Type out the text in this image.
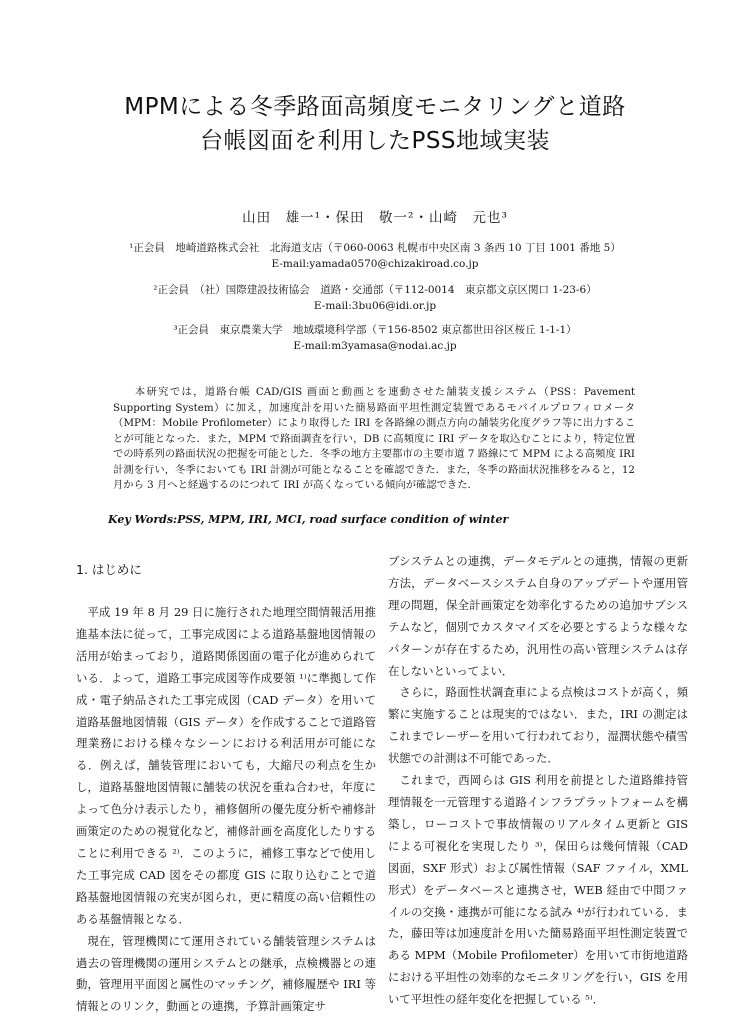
MPMによる冬季路面高頻度モニタリングと道路
台帳図面を利用したPSS地域実装
山田　雄一¹・保田　敬一²・山崎　元也³
¹正会員　地崎道路株式会社　北海道支店（〒060-0063 札幌市中央区南 3 条西 10 丁目 1001 番地 5）
E-mail:yamada0570@chizakiroad.co.jp
²正会員　（社）国際建設技術協会　道路・交通部（〒112-0014　東京都文京区関口 1-23-6）
E-mail:3bu06@idi.or.jp
³正会員　東京農業大学　地域環境科学部（〒156-8502 東京都世田谷区桜丘 1-1-1）
E-mail:m3yamasa@nodai.ac.jp
本研究では，道路台帳 CAD/GIS 画面と動画とを連動させた舗装支援システム（PSS：Pavement Supporting System）に加え，加速度計を用いた簡易路面平坦性測定装置であるモバイルプロフィロメータ（MPM：Mobile Profilometer）により取得した IRI を各路線の測点方向の舗装劣化度グラフ等に出力することが可能となった．また，MPM で路面調査を行い，DB に高頻度に IRI データを取込むことにより，特定位置での時系列の路面状況の把握を可能とした．冬季の地方主要都市の主要市道 7 路線にて MPM による高頻度 IRI 計測を行い，冬季においても IRI 計測が可能となることを確認できた．また，冬季の路面状況推移をみると，12 月から 3 月へと経過するのにつれて IRI が高くなっている傾向が確認できた．
Key Words:PSS, MPM, IRI, MCI, road surface condition of winter
1. はじめに

平成 19 年 8 月 29 日に施行された地理空間情報活用推進基本法に従って，工事完成図による道路基盤地図情報の活用が始まっており，道路関係図面の電子化が進められている．よって，道路工事完成図等作成要領 ¹⁾に準拠して作成・電子納品された工事完成図（CAD データ）を用いて道路基盤地図情報（GIS データ）を作成することで道路管理業務における様々なシーンにおける利活用が可能になる．例えば，舗装管理においても，大縮尺の利点を生かし，道路基盤地図情報に舗装の状況を重ね合わせ，年度によって色分け表示したり，補修個所の優先度分析や補修計画策定のための視覚化など，補修計画を高度化したりすることに利用できる ²⁾．このように，補修工事などで使用した工事完成 CAD 図をその都度 GIS に取り込むことで道路基盤地図情報の充実が図られ，更に精度の高い信頼性のある基盤情報となる．

現在，管理機関にて運用されている舗装管理システムは過去の管理機関の運用システムとの継承，点検機器との連動，管理用平面図と属性のマッチング，補修履歴や IRI 等情報とのリンク，動画との連携，予算計画策定サ

ブシステムとの連携，データモデルとの連携，情報の更新方法，データベースシステム自身のアップデートや運用管理の問題，保全計画策定を効率化するための追加サブシステムなど，個別でカスタマイズを必要とするような様々なパターンが存在するため，汎用性の高い管理システムは存在しないといってよい．

さらに，路面性状調査車による点検はコストが高く，頻繁に実施することは現実的ではない．また，IRI の測定はこれまでレーザーを用いて行われており，湿潤状態や積雪状態での計測は不可能であった．

これまで，西岡らは GIS 利用を前提とした道路維持管理情報を一元管理する道路インフラプラットフォームを構築し，ローコストで事故情報のリアルタイム更新と GIS による可視化を実現したり ³⁾，保田らは幾何情報（CAD 図面，SXF 形式）および属性情報（SAF ファイル，XML 形式）をデータベースと連携させ，WEB 経由で中間ファイルの交換・連携が可能になる試み ⁴⁾が行われている．また，藤田等は加速度計を用いた簡易路面平坦性測定装置である MPM（Mobile Profilometer）を用いて市街地道路における平坦性の効率的なモニタリングを行い，GIS を用いて平坦性の経年変化を把握している ⁵⁾．
